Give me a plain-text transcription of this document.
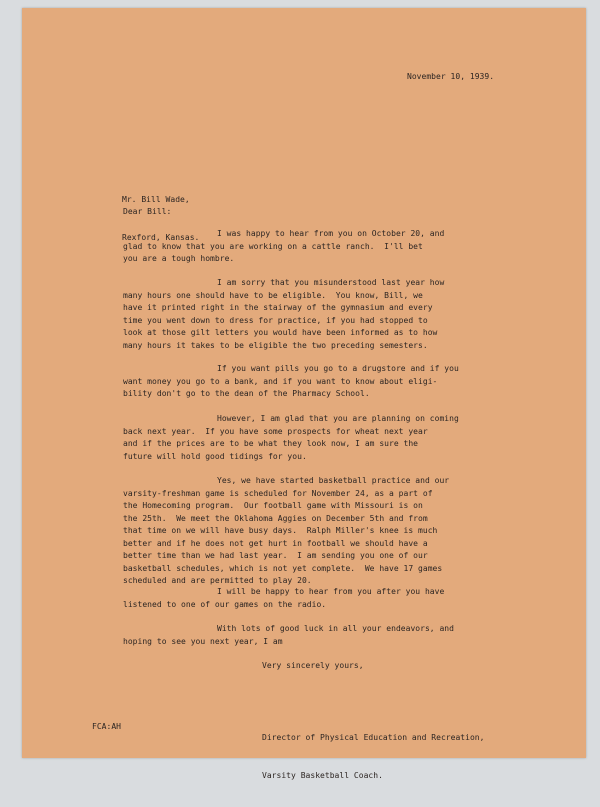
November 10, 1939.

Mr. Bill Wade,

Rexford, Kansas.

Dear Bill:
I was happy to hear from you on October 20, and
glad to know that you are working on a cattle ranch.  I'll bet
you are a tough hombre.
I am sorry that you misunderstood last year how
many hours one should have to be eligible.  You know, Bill, we
have it printed right in the stairway of the gymnasium and every
time you went down to dress for practice, if you had stopped to
look at those gilt letters you would have been informed as to how
many hours it takes to be eligible the two preceding semesters.
If you want pills you go to a drugstore and if you
want money you go to a bank, and if you want to know about eligi-
bility don't go to the dean of the Pharmacy School.
However, I am glad that you are planning on coming
back next year.  If you have some prospects for wheat next year
and if the prices are to be what they look now, I am sure the
future will hold good tidings for you.
Yes, we have started basketball practice and our
varsity-freshman game is scheduled for November 24, as a part of
the Homecoming program.  Our football game with Missouri is on
the 25th.  We meet the Oklahoma Aggies on December 5th and from
that time on we will have busy days.  Ralph Miller's knee is much
better and if he does not get hurt in football we should have a
better time than we had last year.  I am sending you one of our
basketball schedules, which is not yet complete.  We have 17 games
scheduled and are permitted to play 20.
I will be happy to hear from you after you have
listened to one of our games on the radio.
With lots of good luck in all your endeavors, and
hoping to see you next year, I am
Very sincerely yours,
FCA:AH

Director of Physical Education and Recreation,

Varsity Basketball Coach.
